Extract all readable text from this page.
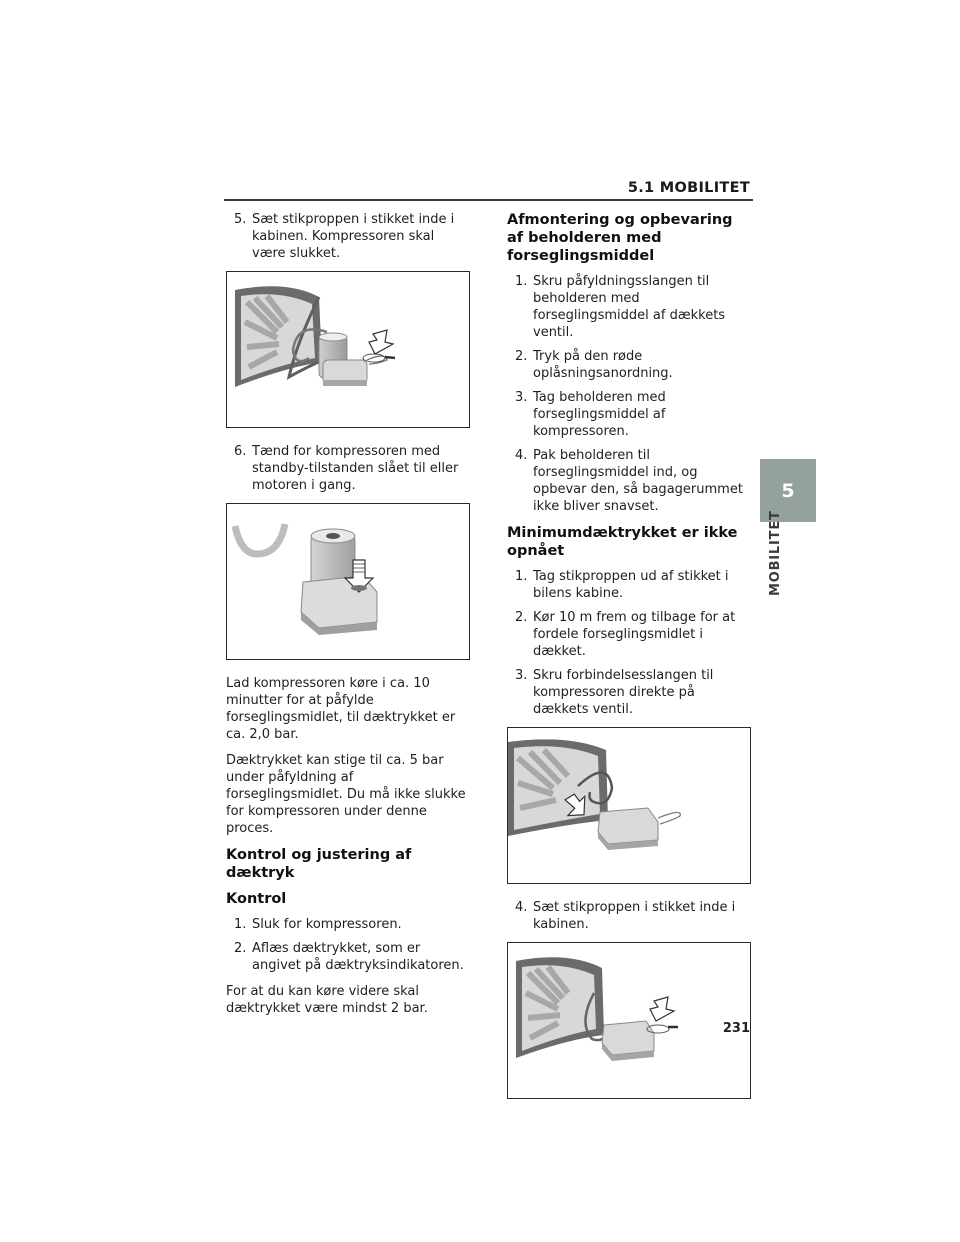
5.1 MOBILITET
5
MOBILITET
5. Sæt stikproppen i stikket inde i kabinen. Kompressoren skal være slukket.
6. Tænd for kompressoren med standby-tilstanden slået til eller motoren i gang.

Lad kompressoren køre i ca. 10 minutter for at påfylde forseglingsmidlet, til dæktrykket er ca. 2,0 bar.

Dæktrykket kan stige til ca. 5 bar under påfyldning af forseglingsmidlet. Du må ikke slukke for kompressoren under denne proces.

Kontrol og justering af dæktryk
Kontrol
1. Sluk for kompressoren.
2. Aflæs dæktrykket, som er angivet på dæktryksindikatoren.

For at du kan køre videre skal dæktrykket være mindst 2 bar.

Afmontering og opbevaring af beholderen med forseglingsmiddel
1. Skru påfyldningsslangen til beholderen med forseglingsmiddel af dækkets ventil.
2. Tryk på den røde oplåsningsanordning.
3. Tag beholderen med forseglingsmiddel af kompressoren.
4. Pak beholderen til forseglingsmiddel ind, og opbevar den, så bagagerummet ikke bliver snavset.
Minimumdæktrykket er ikke opnået
1. Tag stikproppen ud af stikket i bilens kabine.
2. Kør 10 m frem og tilbage for at fordele forseglingsmidlet i dækket.
3. Skru forbindelsesslangen til kompressoren direkte på dækkets ventil.
4. Sæt stikproppen i stikket inde i kabinen.
231
